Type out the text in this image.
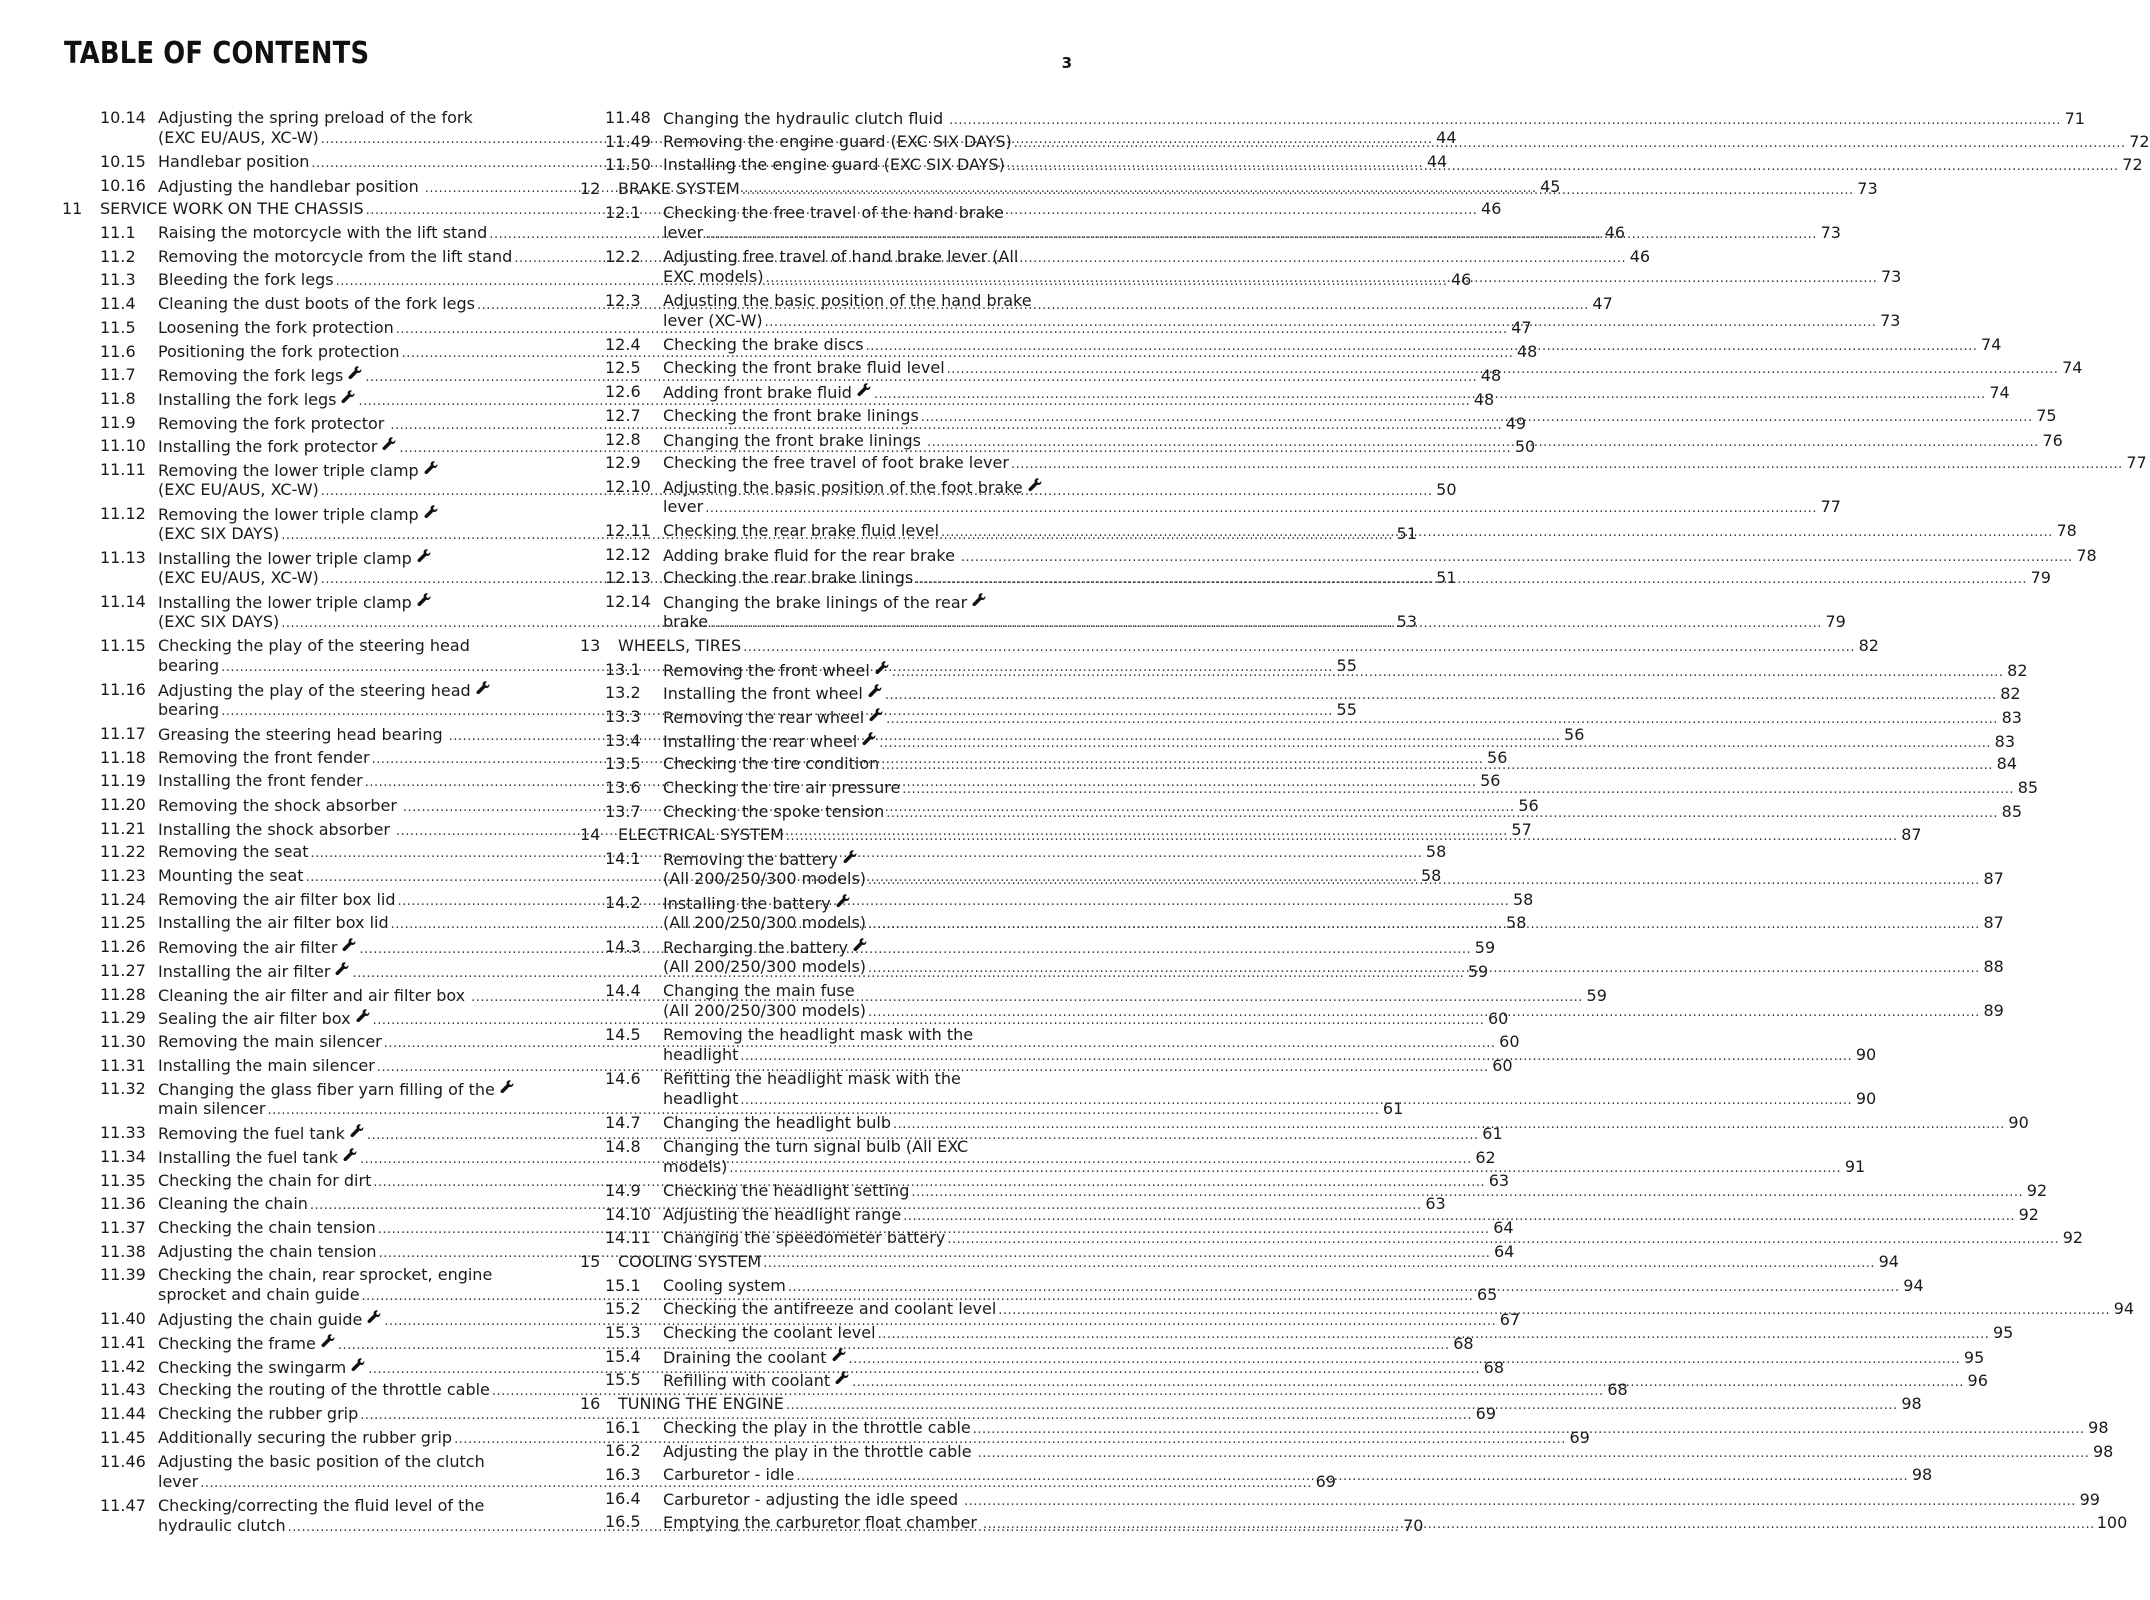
TABLE OF CONTENTS	3
10.14 Adjusting the spring preload of the fork
(EXC EU/AUS, XC-W) .....	44
10.15 Handlebar position .....	44
10.16 Adjusting the handlebar position .....	45
11 SERVICE WORK ON THE CHASSIS .....	46
11.1 Raising the motorcycle with the lift stand .....	46
11.2 Removing the motorcycle from the lift stand .....	46
11.3 Bleeding the fork legs .....	46
11.4 Cleaning the dust boots of the fork legs .....	47
11.5 Loosening the fork protection .....	47
11.6 Positioning the fork protection .....	48
11.7 Removing the fork legs .....	48
11.8 Installing the fork legs .....	48
11.9 Removing the fork protector .....	49
11.10 Installing the fork protector .....	50
11.11 Removing the lower triple clamp
(EXC EU/AUS, XC-W) .....	50
11.12 Removing the lower triple clamp
(EXC SIX DAYS) .....	51
11.13 Installing the lower triple clamp
(EXC EU/AUS, XC-W) .....	51
11.14 Installing the lower triple clamp
(EXC SIX DAYS) .....	53
11.15 Checking the play of the steering head
bearing .....	55
11.16 Adjusting the play of the steering head
bearing .....	55
11.17 Greasing the steering head bearing .....	56
11.18 Removing the front fender .....	56
11.19 Installing the front fender .....	56
11.20 Removing the shock absorber .....	56
11.21 Installing the shock absorber .....	57
11.22 Removing the seat .....	58
11.23 Mounting the seat .....	58
11.24 Removing the air filter box lid .....	58
11.25 Installing the air filter box lid .....	58
11.26 Removing the air filter .....	59
11.27 Installing the air filter .....	59
11.28 Cleaning the air filter and air filter box .....	59
11.29 Sealing the air filter box .....	60
11.30 Removing the main silencer .....	60
11.31 Installing the main silencer .....	60
11.32 Changing the glass fiber yarn filling of the
main silencer .....	61
11.33 Removing the fuel tank .....	61
11.34 Installing the fuel tank .....	62
11.35 Checking the chain for dirt .....	63
11.36 Cleaning the chain .....	63
11.37 Checking the chain tension .....	64
11.38 Adjusting the chain tension .....	64
11.39 Checking the chain, rear sprocket, engine
sprocket and chain guide .....	65
11.40 Adjusting the chain guide .....	67
11.41 Checking the frame .....	68
11.42 Checking the swingarm .....	68
11.43 Checking the routing of the throttle cable .....	68
11.44 Checking the rubber grip .....	69
11.45 Additionally securing the rubber grip .....	69
11.46 Adjusting the basic position of the clutch
lever .....	69
11.47 Checking/correcting the fluid level of the
hydraulic clutch .....	70
11.48 Changing the hydraulic clutch fluid .....	71
11.49 Removing the engine guard (EXC SIX DAYS) .....	72
11.50 Installing the engine guard (EXC SIX DAYS) .....	72
12 BRAKE SYSTEM .....	73
12.1 Checking the free travel of the hand brake
lever .....	73
12.2 Adjusting free travel of hand brake lever (All
EXC models) .....	73
12.3 Adjusting the basic position of the hand brake
lever (XC-W) .....	73
12.4 Checking the brake discs .....	74
12.5 Checking the front brake fluid level .....	74
12.6 Adding front brake fluid .....	74
12.7 Checking the front brake linings .....	75
12.8 Changing the front brake linings .....	76
12.9 Checking the free travel of foot brake lever .....	77
12.10 Adjusting the basic position of the foot brake
lever .....	77
12.11 Checking the rear brake fluid level .....	78
12.12 Adding brake fluid for the rear brake .....	78
12.13 Checking the rear brake linings .....	79
12.14 Changing the brake linings of the rear
brake .....	79
13 WHEELS, TIRES .....	82
13.1 Removing the front wheel .....	82
13.2 Installing the front wheel .....	82
13.3 Removing the rear wheel .....	83
13.4 Installing the rear wheel .....	83
13.5 Checking the tire condition .....	84
13.6 Checking the tire air pressure .....	85
13.7 Checking the spoke tension .....	85
14 ELECTRICAL SYSTEM .....	87
14.1 Removing the battery
(All 200/250/300 models) .....	87
14.2 Installing the battery
(All 200/250/300 models) .....	87
14.3 Recharging the battery
(All 200/250/300 models) .....	88
14.4 Changing the main fuse
(All 200/250/300 models) .....	89
14.5 Removing the headlight mask with the
headlight .....	90
14.6 Refitting the headlight mask with the
headlight .....	90
14.7 Changing the headlight bulb .....	90
14.8 Changing the turn signal bulb (All EXC
models) .....	91
14.9 Checking the headlight setting .....	92
14.10 Adjusting the headlight range .....	92
14.11 Changing the speedometer battery .....	92
15 COOLING SYSTEM .....	94
15.1 Cooling system .....	94
15.2 Checking the antifreeze and coolant level .....	94
15.3 Checking the coolant level .....	95
15.4 Draining the coolant .....	95
15.5 Refilling with coolant .....	96
16 TUNING THE ENGINE .....	98
16.1 Checking the play in the throttle cable .....	98
16.2 Adjusting the play in the throttle cable .....	98
16.3 Carburetor - idle .....	98
16.4 Carburetor - adjusting the idle speed .....	99
16.5 Emptying the carburetor float chamber .....	100
